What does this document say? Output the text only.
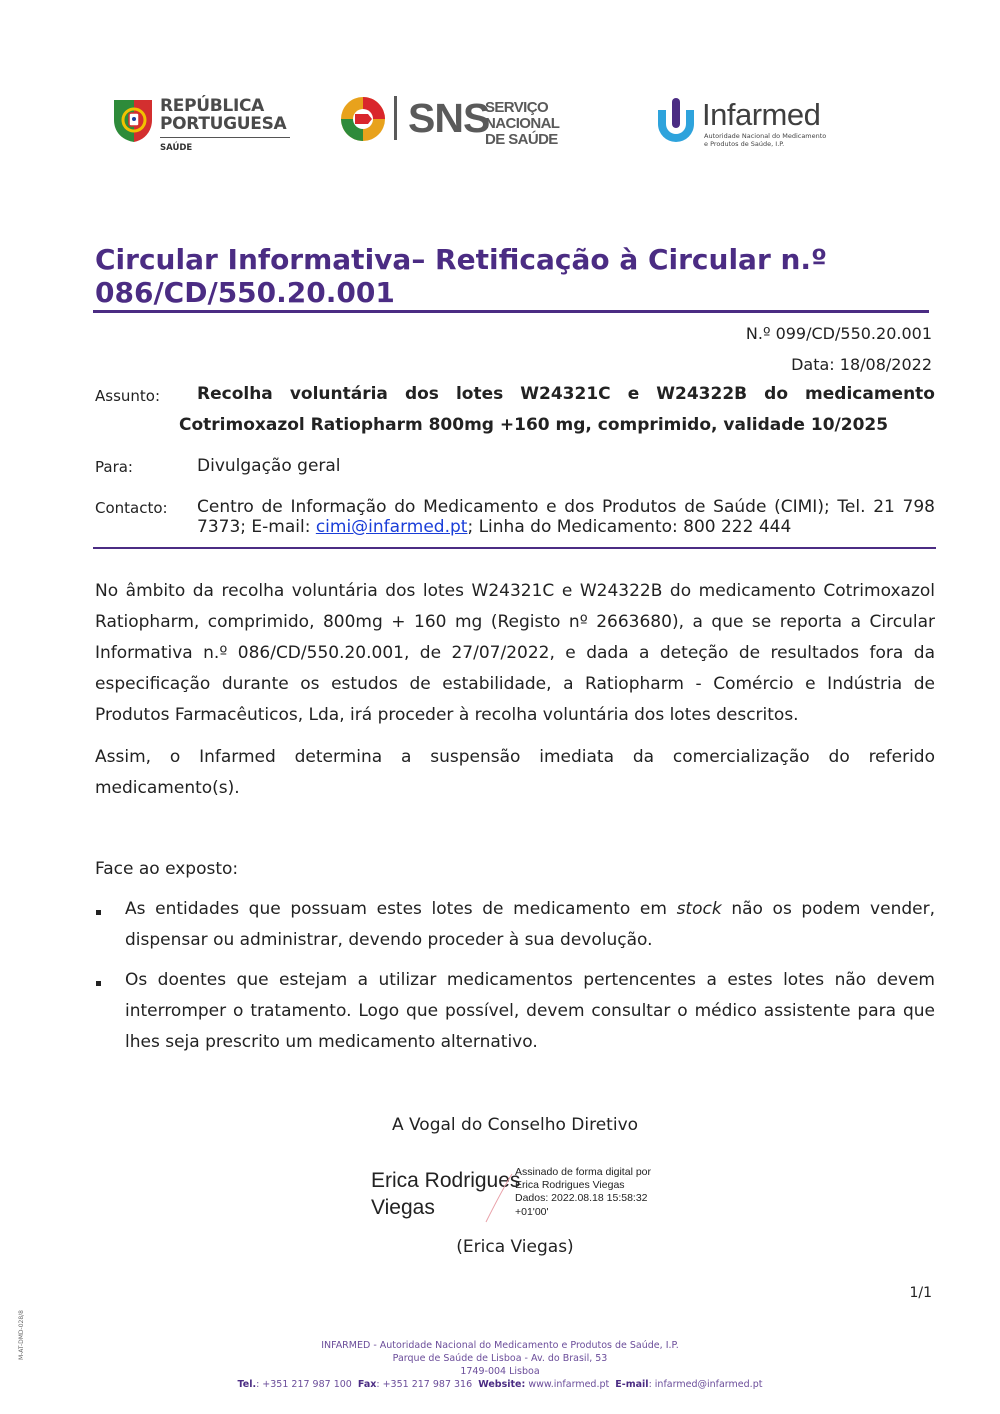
REPÚBLICA
PORTUGUESA
SAÚDE
SNS
SERVIÇO NACIONAL
DE SAÚDE
Infarmed
Autoridade Nacional do Medicamento
e Produtos de Saúde, I.P.
Circular Informativa– Retificação à Circular n.º
086/CD/550.20.001
N.º 099/CD/550.20.001
Data: 18/08/2022
Assunto: Recolha voluntária dos lotes W24321C e W24322B do medicamento
Cotrimoxazol Ratiopharm 800mg +160 mg, comprimido, validade 10/2025
Para:	Divulgação geral
Contacto: Centro de Informação do Medicamento e dos Produtos de Saúde (CIMI); Tel. 21 798
7373; E-mail: cimi@infarmed.pt; Linha do Medicamento: 800 222 444

No âmbito da recolha voluntária dos lotes W24321C e W24322B do medicamento Cotrimoxazol Ratiopharm, comprimido, 800mg + 160 mg (Registo nº 2663680), a que se reporta a Circular Informativa n.º 086/CD/550.20.001, de 27/07/2022, e dada a deteção de resultados fora da especificação durante os estudos de estabilidade, a Ratiopharm - Comércio e Indústria de Produtos Farmacêuticos, Lda, irá proceder à recolha voluntária dos lotes descritos.

Assim, o Infarmed determina a suspensão imediata da comercialização do referido medicamento(s).

Face ao exposto:

As entidades que possuam estes lotes de medicamento em stock não os podem vender, dispensar ou administrar, devendo proceder à sua devolução.

Os doentes que estejam a utilizar medicamentos pertencentes a estes lotes não devem interromper o tratamento. Logo que possível, devem consultar o médico assistente para que lhes seja prescrito um medicamento alternativo.

A Vogal do Conselho Diretivo
Erica Rodrigues
Viegas
Assinado de forma digital por
Erica Rodrigues Viegas
Dados: 2022.08.18 15:58:32
+01'00'
(Erica Viegas)
1/1
M-AT-DMD-028/8	INFARMED - Autoridade Nacional do Medicamento e Produtos de Saúde, I.P.
Parque de Saúde de Lisboa - Av. do Brasil, 53
1749-004 Lisboa
Tel.: +351 217 987 100 Fax: +351 217 987 316 Website: www.infarmed.pt E-mail: infarmed@infarmed.pt
